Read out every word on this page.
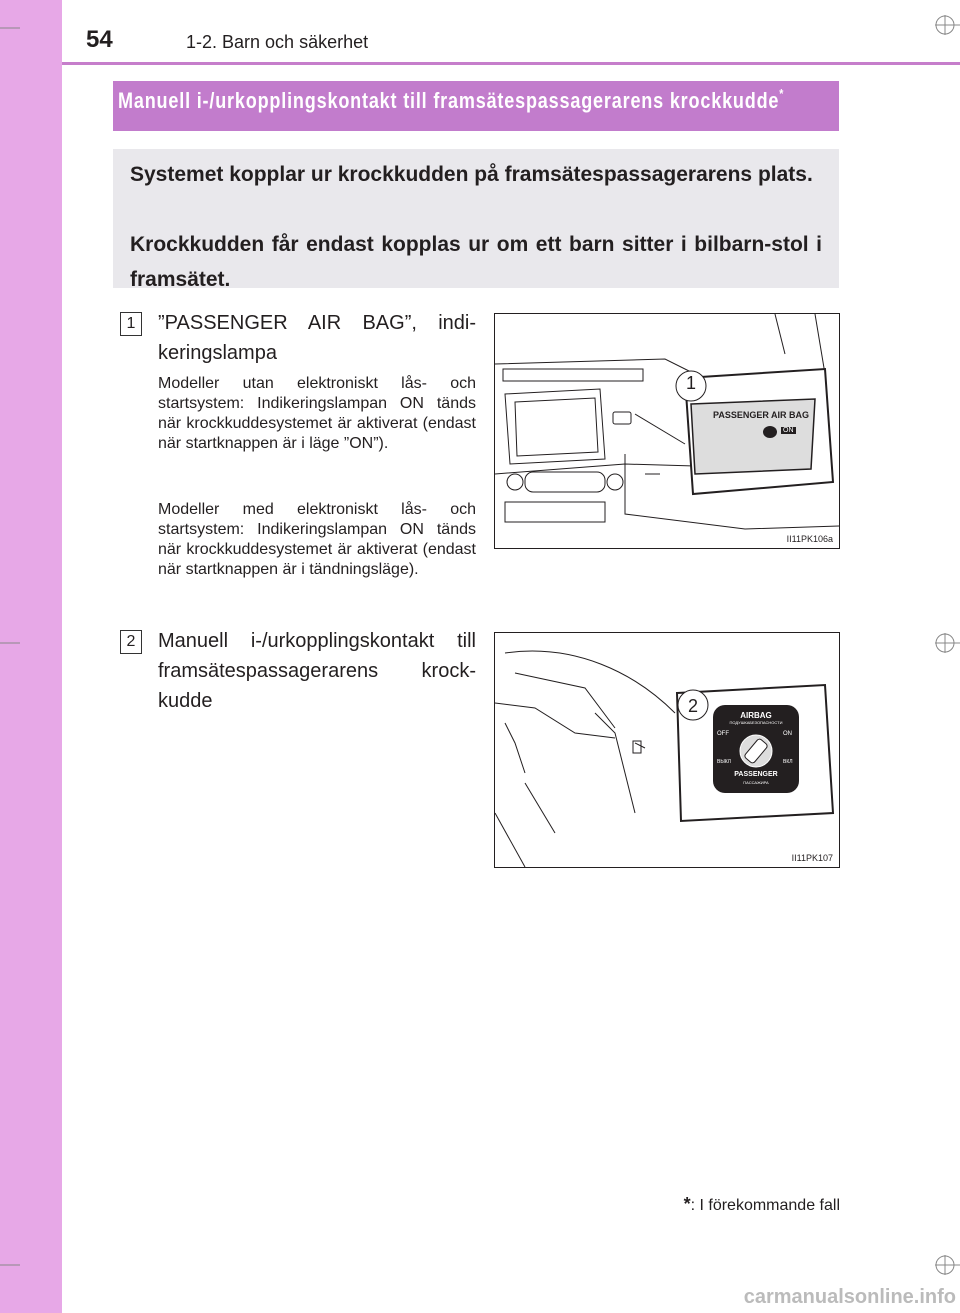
54	1-2. Barn och säkerhet
Manuell i-/urkopplingskontakt till framsätespassagerarens krockkudde*

Systemet kopplar ur krockkudden på framsätespassagerarens plats.

Krockkudden får endast kopplas ur om ett barn sitter i bilbarn-stol i framsätet.

1	”PASSENGER AIR BAG”, indi-keringslampa

Modeller utan elektroniskt lås- och startsystem: Indikeringslampan ON tänds när krockkuddesystemet är aktiverat (endast när startknappen är i läge ”ON”).

Modeller med elektroniskt lås- och startsystem: Indikeringslampan ON tänds när krockkuddesystemet är aktiverat (endast när startknappen är i tändningsläge).

1
PASSENGER AIR BAG
ON
II11PK106a
2	Manuell i-/urkopplingskontakt till framsätespassagerarens krock-kudde	2	AIRBAG
ПОДУШКАБЕЗОПАСНОСТИ
OFF
ВЫКЛ
ON
ВКЛ
PASSENGER
ПАССАЖИРА
II11PK107
*: I förekommande fall
carmanualsonline.info
